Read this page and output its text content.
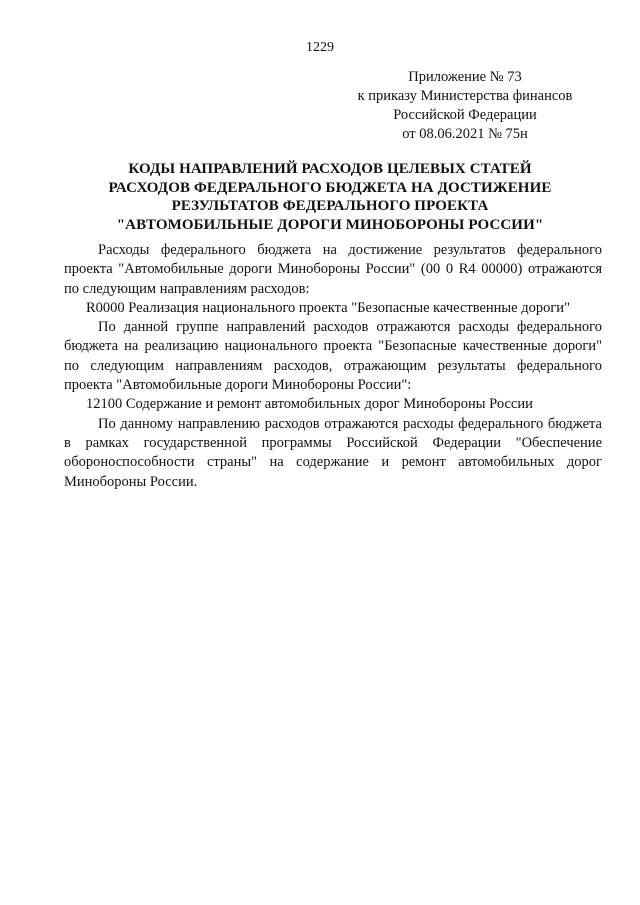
1229
Приложение № 73
к приказу Министерства финансов
Российской Федерации
от 08.06.2021 № 75н
КОДЫ НАПРАВЛЕНИЙ РАСХОДОВ ЦЕЛЕВЫХ СТАТЕЙ
РАСХОДОВ ФЕДЕРАЛЬНОГО БЮДЖЕТА НА ДОСТИЖЕНИЕ
РЕЗУЛЬТАТОВ ФЕДЕРАЛЬНОГО ПРОЕКТА
"АВТОМОБИЛЬНЫЕ ДОРОГИ МИНОБОРОНЫ РОССИИ"

Расходы федерального бюджета на достижение результатов федерального проекта "Автомобильные дороги Минобороны России" (00 0 R4 00000) отражаются по следующим направлениям расходов:

R0000 Реализация национального проекта "Безопасные качественные дороги"

По данной группе направлений расходов отражаются расходы федерального бюджета на реализацию национального проекта "Безопасные качественные дороги" по следующим направлениям расходов, отражающим результаты федерального проекта "Автомобильные дороги Минобороны России":

12100 Содержание и ремонт автомобильных дорог Минобороны России

По данному направлению расходов отражаются расходы федерального бюджета в рамках государственной программы Российской Федерации "Обеспечение обороноспособности страны" на содержание и ремонт автомобильных дорог Минобороны России.
